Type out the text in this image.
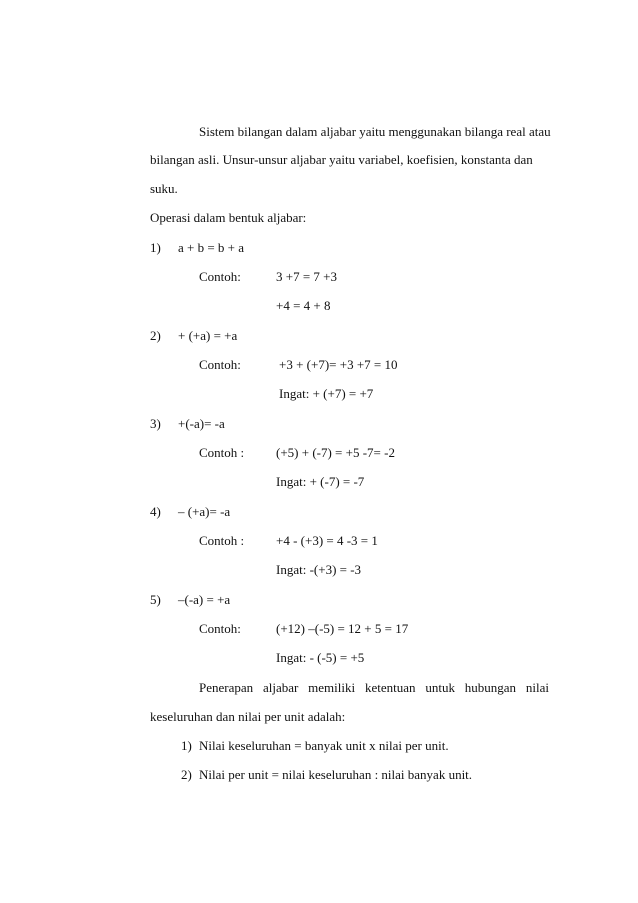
Sistem bilangan dalam aljabar yaitu menggunakan bilanga real atau
bilangan asli. Unsur-unsur aljabar yaitu variabel, koefisien, konstanta dan
suku.
Operasi dalam bentuk aljabar:
1) a + b = b + a
Contoh:	3 +7 = 7 +3
+4 = 4 + 8
2) + (+a) = +a
Contoh:	+3 + (+7)= +3 +7 = 10
Ingat: + (+7) = +7
3) +(-a)= -a
Contoh : (+5) + (-7) = +5 -7= -2
Ingat: + (-7) = -7
4) – (+a)= -a
Contoh : +4 - (+3) = 4 -3 = 1
Ingat: -(+3) = -3
5) –(-a) = +a
Contoh:	(+12) –(-5) = 12 + 5 = 17
Ingat: - (-5) = +5
Penerapan aljabar memiliki ketentuan untuk hubungan nilai
keseluruhan dan nilai per unit adalah:
1) Nilai keseluruhan = banyak unit x nilai per unit.
2) Nilai per unit = nilai keseluruhan : nilai banyak unit.
